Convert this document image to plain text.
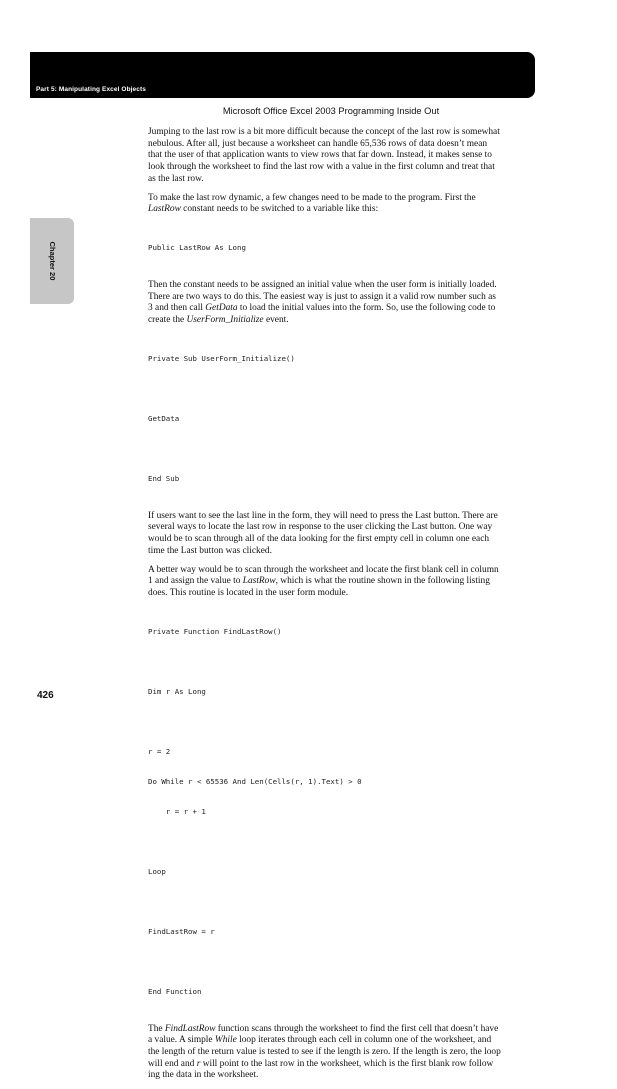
Part 5: Manipulating Excel Objects
Microsoft Office Excel 2003 Programming Inside Out
Chapter 20

Jumping to the last row is a bit more difficult because the concept of the last row is somewhat
nebulous. After all, just because a worksheet can handle 65,536 rows of data doesn’t mean
that the user of that application wants to view rows that far down. Instead, it makes sense to
look through the worksheet to find the last row with a value in the first column and treat that
as the last row.

To make the last row dynamic, a few changes need to be made to the program. First the
LastRow constant needs to be switched to a variable like this:

Public LastRow As Long

Then the constant needs to be assigned an initial value when the user form is initially loaded.
There are two ways to do this. The easiest way is just to assign it a valid row number such as
3 and then call GetData to load the initial values into the form. So, use the following code to
create the UserForm_Initialize event.

Private Sub UserForm_Initialize()

GetData

End Sub

If users want to see the last line in the form, they will need to press the Last button. There are
several ways to locate the last row in response to the user clicking the Last button. One way
would be to scan through all of the data looking for the first empty cell in column one each
time the Last button was clicked.

A better way would be to scan through the worksheet and locate the first blank cell in column
1 and assign the value to LastRow, which is what the routine shown in the following listing
does. This routine is located in the user form module.

Private Function FindLastRow()

Dim r As Long

r = 2

Do While r < 65536 And Len(Cells(r, 1).Text) > 0

r = r + 1

Loop

FindLastRow = r

End Function

The FindLastRow function scans through the worksheet to find the first cell that doesn’t have
a value. A simple While loop iterates through each cell in column one of the worksheet, and
the length of the return value is tested to see if the length is zero. If the length is zero, the loop
will end and r will point to the last row in the worksheet, which is the first blank row follow
ing the data in the worksheet.

426
